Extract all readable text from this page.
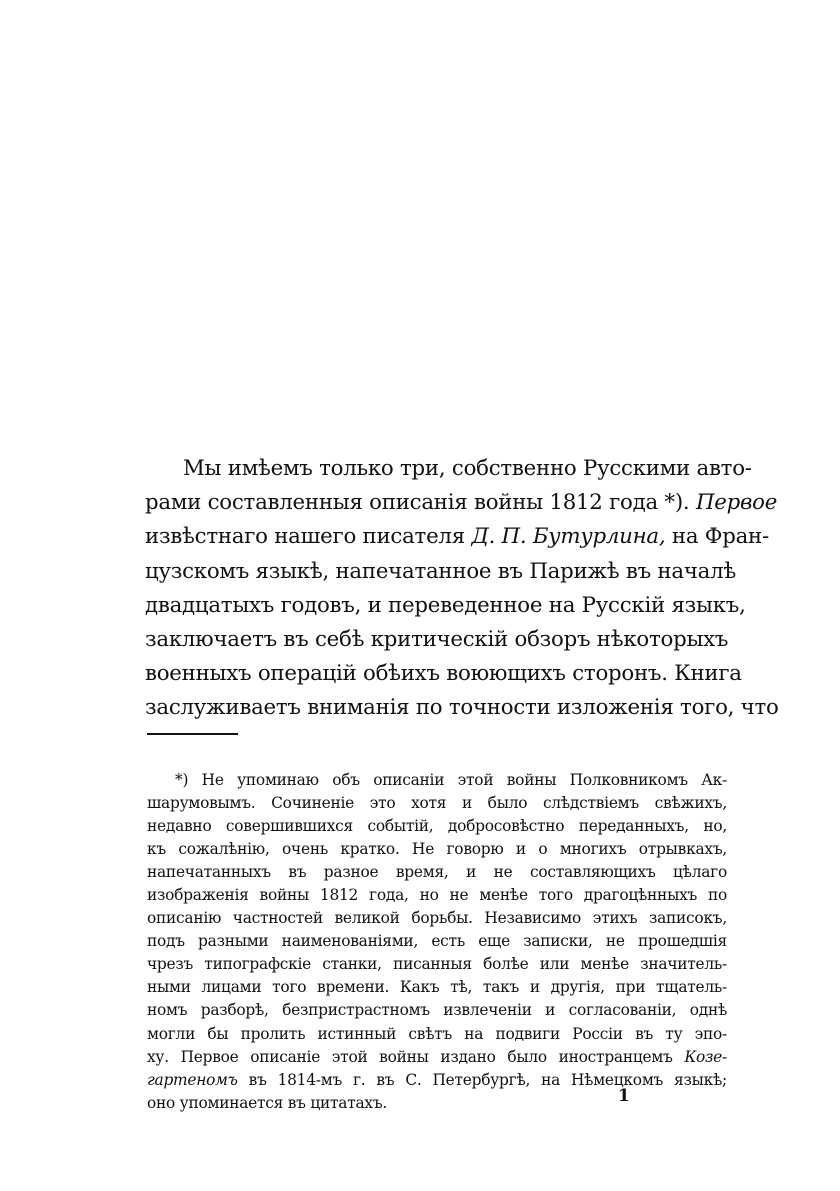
Мы имѣемъ только три, собственно Русскими авто-
рами составленныя описанія войны 1812 года *). Первое
извѣстнаго нашего писателя Д. П. Бутурлина, на Фран-
цузскомъ языкѣ, напечатанное въ Парижѣ въ началѣ
двадцатыхъ годовъ, и переведенное на Русскій языкъ,
заключаетъ въ себѣ критическій обзоръ нѣкоторыхъ
военныхъ операцій обѣихъ воюющихъ сторонъ. Книга
заслуживаетъ вниманія по точности изложенія того, что
*) Не упоминаю объ описаніи этой войны Полковникомъ Ак-
шарумовымъ. Сочиненіе это хотя и было слѣдствіемъ свѣжихъ,
недавно совершившихся событій, добросовѣстно переданныхъ, но,
къ сожалѣнію, очень кратко. Не говорю и о многихъ отрывкахъ,
напечатанныхъ въ разное время, и не составляющихъ цѣлаго
изображенія войны 1812 года, но не менѣе того драгоцѣнныхъ по
описанію частностей великой борьбы. Независимо этихъ записокъ,
подъ разными наименованіями, есть еще записки, не прошедшія
чрезъ типографскіе станки, писанныя болѣе или менѣе значитель-
ными лицами того времени. Какъ тѣ, такъ и другія, при тщатель-
номъ разборѣ, безпристрастномъ извлеченіи и согласованіи, однѣ
могли бы пролить истинный свѣтъ на подвиги Россіи въ ту эпо-
ху. Первое описаніе этой войны издано было иностранцемъ Козе-
гартеномъ въ 1814-мъ г. въ С. Петербургѣ, на Нѣмецкомъ языкѣ;
оно упоминается въ цитатахъ.	1
